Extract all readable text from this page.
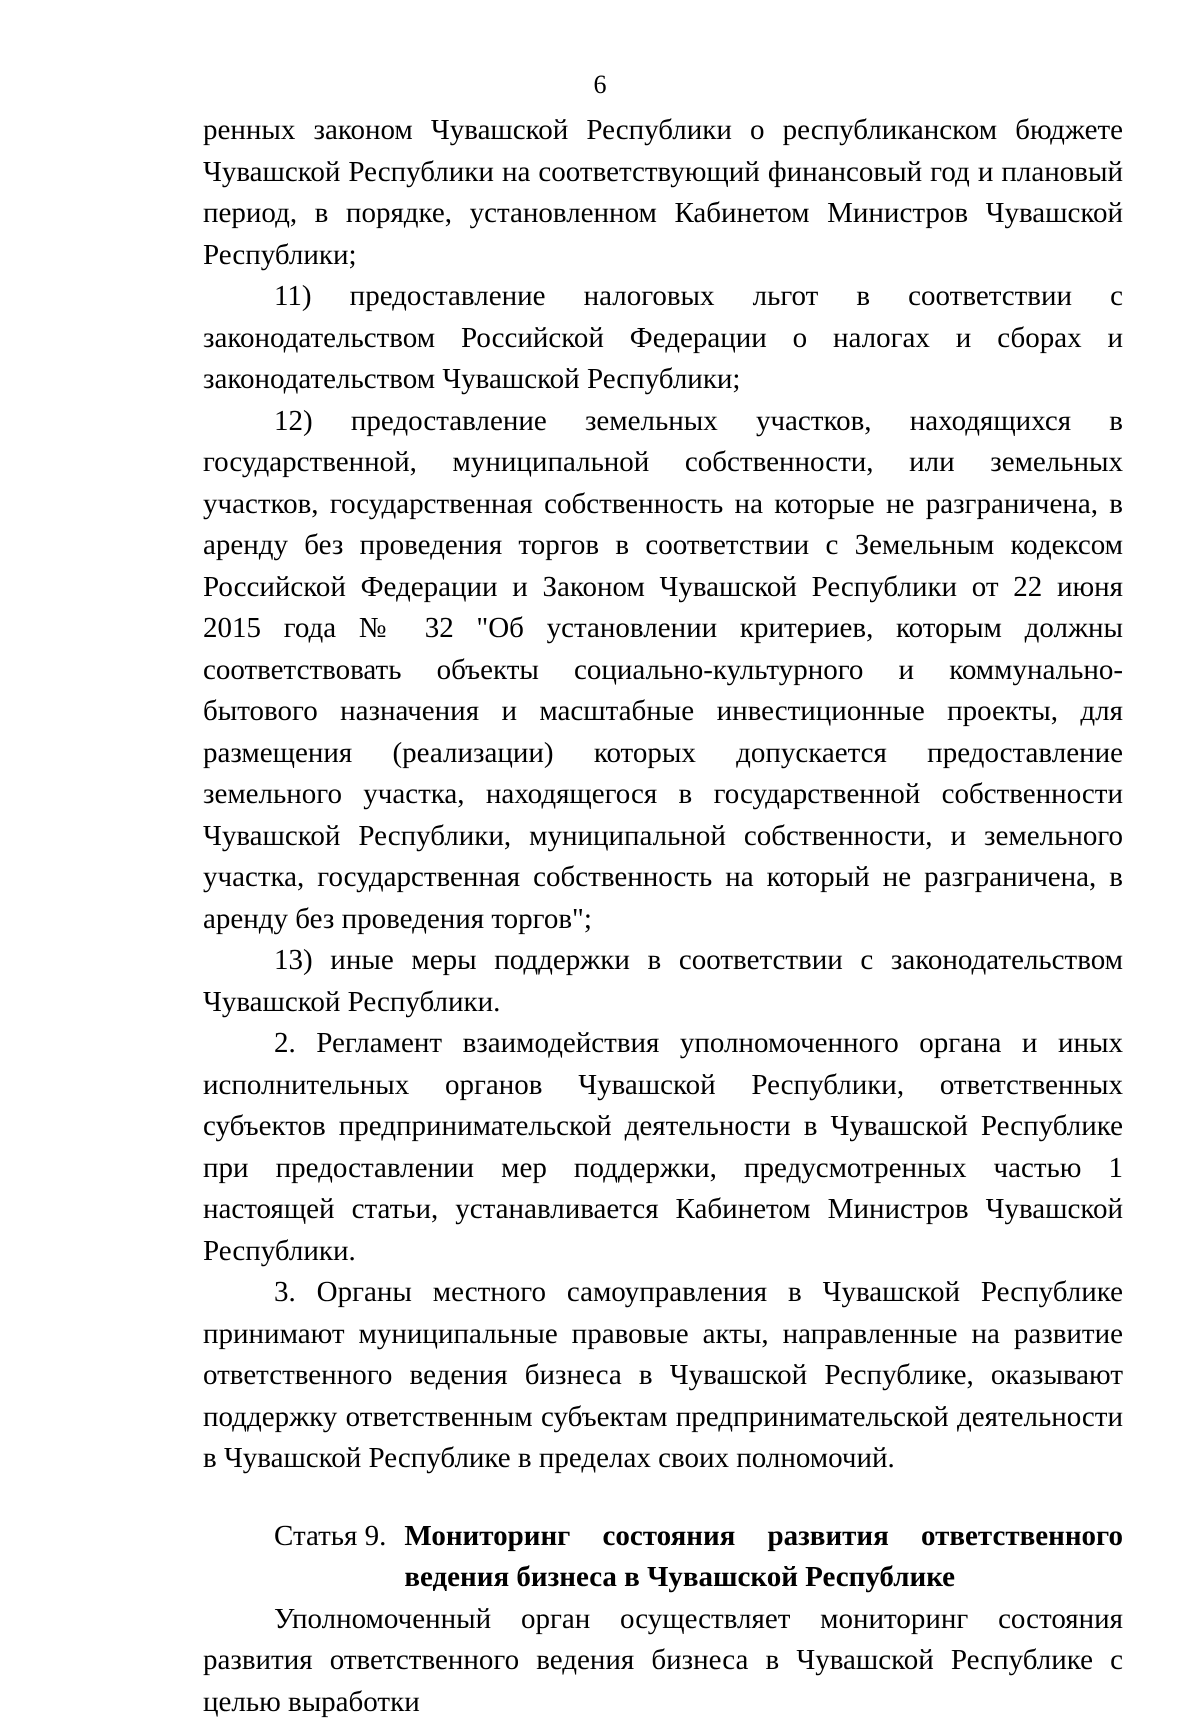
6

ренных законом Чувашской Республики о республиканском бюджете Чувашской Республики на соответствующий финансовый год и плановый период, в порядке, установленном Кабинетом Министров Чувашской Республики;

11) предоставление налоговых льгот в соответствии с законодательством Российской Федерации о налогах и сборах и законодательством Чувашской Республики;

12) предоставление земельных участков, находящихся в государственной, муниципальной собственности, или земельных участков, государственная собственность на которые не разграничена, в аренду без проведения торгов в соответствии с Земельным кодексом Российской Федерации и Законом Чувашской Республики от 22 июня 2015 года № 32 "Об установлении критериев, которым должны соответствовать объекты социально-культурного и коммунально-бытового назначения и масштабные инвестиционные проекты, для размещения (реализации) которых допускается предоставление земельного участка, находящегося в государственной собственности Чувашской Республики, муниципальной собственности, и земельного участка, государственная собственность на который не разграничена, в аренду без проведения торгов";

13) иные меры поддержки в соответствии с законодательством Чувашской Республики.

2. Регламент взаимодействия уполномоченного органа и иных исполнительных органов Чувашской Республики, ответственных субъектов предпринимательской деятельности в Чувашской Республике при предоставлении мер поддержки, предусмотренных частью 1 настоящей статьи, устанавливается Кабинетом Министров Чувашской Республики.

3. Органы местного самоуправления в Чувашской Республике принимают муниципальные правовые акты, направленные на развитие ответственного ведения бизнеса в Чувашской Республике, оказывают поддержку ответственным субъектам предпринимательской деятельности в Чувашской Республике в пределах своих полномочий.

Статья 9. Мониторинг состояния развития ответственного ведения бизнеса в Чувашской Республике

Уполномоченный орган осуществляет мониторинг состояния развития ответственного ведения бизнеса в Чувашской Республике с целью выработки
